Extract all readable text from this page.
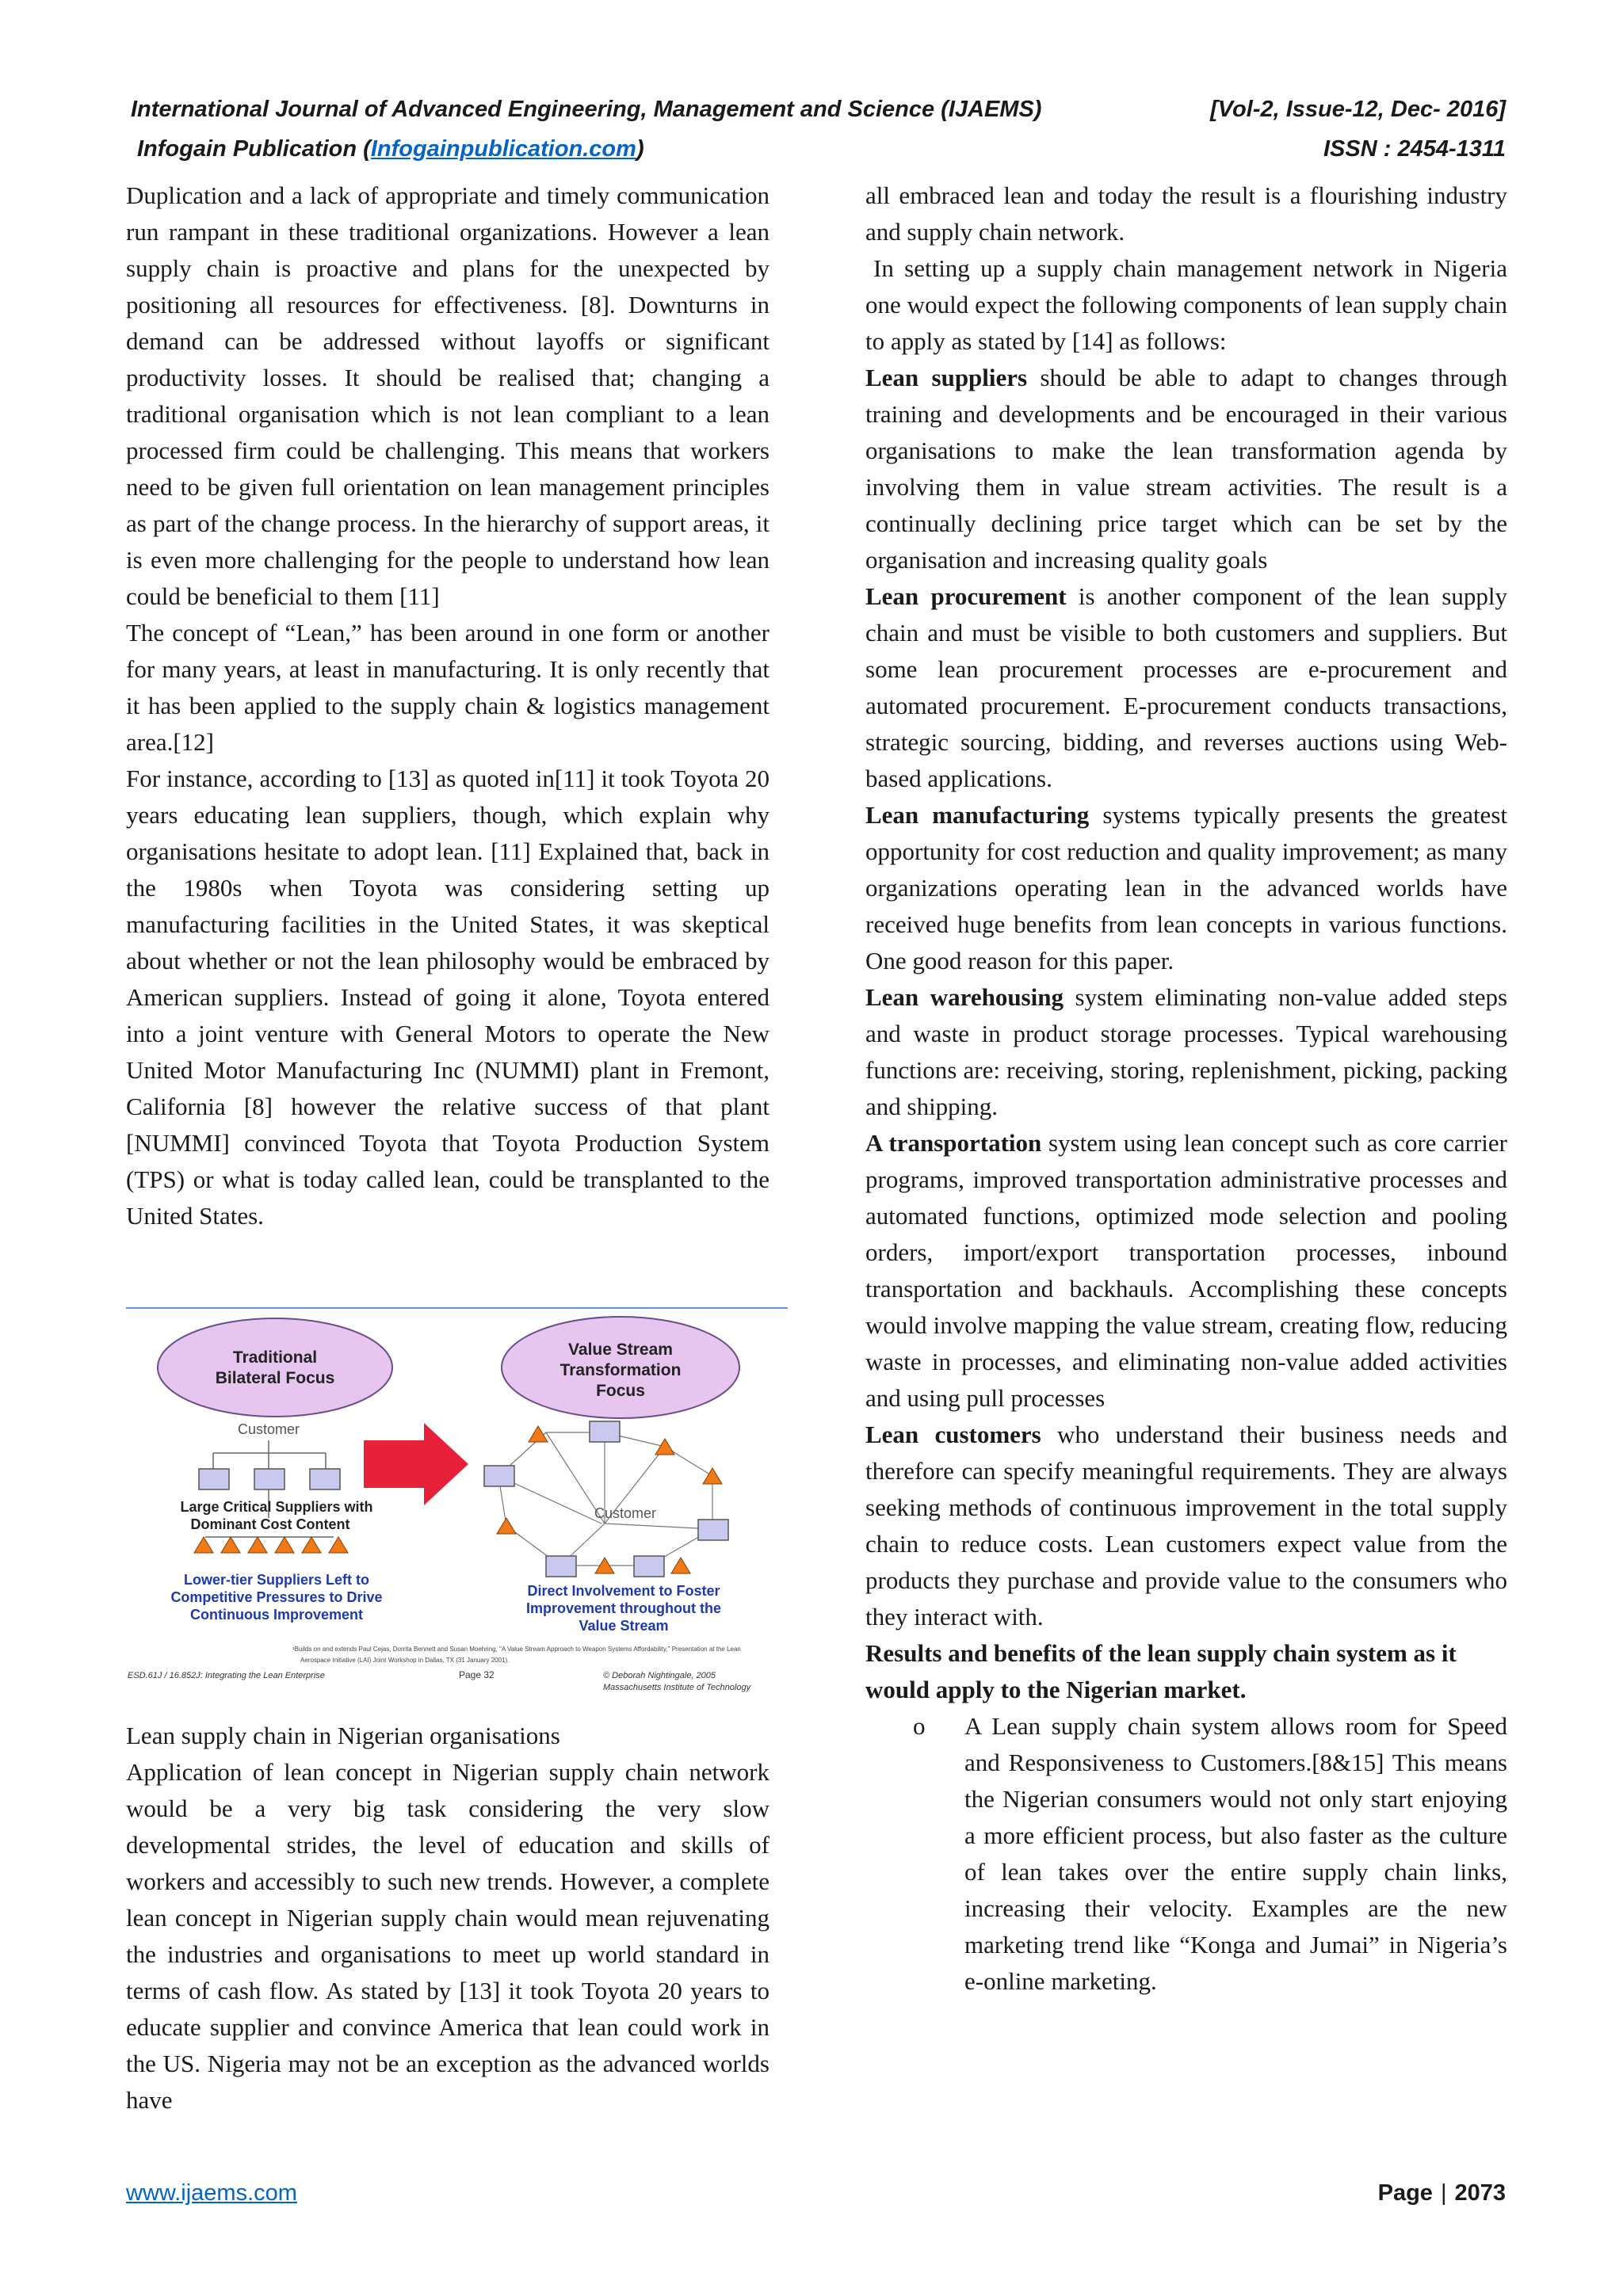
International Journal of Advanced Engineering, Management and Science (IJAEMS)	[Vol-2, Issue-12, Dec- 2016]
Infogain Publication (Infogainpublication.com)	ISSN : 2454-1311

Duplication and a lack of appropriate and timely communication run rampant in these traditional organizations. However a lean supply chain is proactive and plans for the unexpected by positioning all resources for effectiveness. [8]. Downturns in demand can be addressed without layoffs or significant productivity losses. It should be realised that; changing a traditional organisation which is not lean compliant to a lean processed firm could be challenging. This means that workers need to be given full orientation on lean management principles as part of the change process. In the hierarchy of support areas, it is even more challenging for the people to understand how lean could be beneficial to them [11]

The concept of “Lean,” has been around in one form or another for many years, at least in manufacturing. It is only recently that it has been applied to the supply chain & logistics management area.[12]

For instance, according to [13] as quoted in[11] it took Toyota 20 years educating lean suppliers, though, which explain why organisations hesitate to adopt lean. [11] Explained that, back in the 1980s when Toyota was considering setting up manufacturing facilities in the United States, it was skeptical about whether or not the lean philosophy would be embraced by American suppliers. Instead of going it alone, Toyota entered into a joint venture with General Motors to operate the New United Motor Manufacturing Inc (NUMMI) plant in Fremont, California [8] however the relative success of that plant [NUMMI] convinced Toyota that Toyota Production System (TPS) or what is today called lean, could be transplanted to the United States.

Traditional
Bilateral Focus
Customer
Large Critical Suppliers with
Dominant Cost Content
Lower-tier Suppliers Left to
Competitive Pressures to Drive
Continuous Improvement
Value Stream
Transformation
Focus
Customer
Direct Involvement to Foster
Improvement throughout the
Value Stream
¹Builds on and extends Paul Cejas, Dorrita Bennett and Susan Moehring, "A Value Stream Approach to Weapon Systems Affordability," Presentation at the Lean
Aerospace Initiative (LAI) Joint Workshop in Dallas, TX (31 January 2001).
ESD.61J / 16.852J: Integrating the Lean Enterprise	Page 32	© Deborah Nightingale, 2005
Massachusetts Institute of Technology

Lean supply chain in Nigerian organisations

Application of lean concept in Nigerian supply chain network would be a very big task considering the very slow developmental strides, the level of education and skills of workers and accessibly to such new trends. However, a complete lean concept in Nigerian supply chain would mean rejuvenating the industries and organisations to meet up world standard in terms of cash flow. As stated by [13] it took Toyota 20 years to educate supplier and convince America that lean could work in the US. Nigeria may not be an exception as the advanced worlds have

all embraced lean and today the result is a flourishing industry and supply chain network.

In setting up a supply chain management network in Nigeria one would expect the following components of lean supply chain to apply as stated by [14] as follows:

Lean suppliers should be able to adapt to changes through training and developments and be encouraged in their various organisations to make the lean transformation agenda by involving them in value stream activities. The result is a continually declining price target which can be set by the organisation and increasing quality goals

Lean procurement is another component of the lean supply chain and must be visible to both customers and suppliers. But some lean procurement processes are e-procurement and automated procurement. E-procurement conducts transactions, strategic sourcing, bidding, and reverses auctions using Web-based applications.

Lean manufacturing systems typically presents the greatest opportunity for cost reduction and quality improvement; as many organizations operating lean in the advanced worlds have received huge benefits from lean concepts in various functions. One good reason for this paper.

Lean warehousing system eliminating non-value added steps and waste in product storage processes. Typical warehousing functions are: receiving, storing, replenishment, picking, packing and shipping.

A transportation system using lean concept such as core carrier programs, improved transportation administrative processes and automated functions, optimized mode selection and pooling orders, import/export transportation processes, inbound transportation and backhauls. Accomplishing these concepts would involve mapping the value stream, creating flow, reducing waste in processes, and eliminating non-value added activities and using pull processes

Lean customers who understand their business needs and therefore can specify meaningful requirements. They are always seeking methods of continuous improvement in the total supply chain to reduce costs. Lean customers expect value from the products they purchase and provide value to the consumers who they interact with.

Results and benefits of the lean supply chain system as it would apply to the Nigerian market.

o A Lean supply chain system allows room for Speed and Responsiveness to Customers.[8&15] This means the Nigerian consumers would not only start enjoying a more efficient process, but also faster as the culture of lean takes over the entire supply chain links, increasing their velocity. Examples are the new marketing trend like “Konga and Jumai” in Nigeria’s e-online marketing.

www.ijaems.com	Page | 2073
